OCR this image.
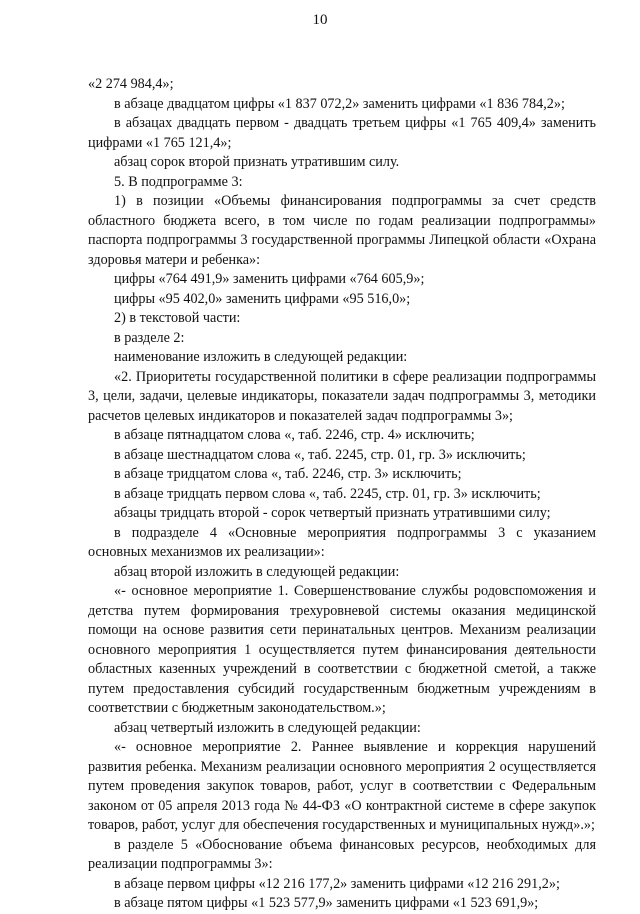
10

«2 274 984,4»;

в абзаце двадцатом цифры «1 837 072,2» заменить цифрами «1 836 784,2»;

в абзацах двадцать первом - двадцать третьем цифры «1 765 409,4» заменить цифрами «1 765 121,4»;

абзац сорок второй признать утратившим силу.

5. В подпрограмме 3:

1) в позиции «Объемы финансирования подпрограммы за счет средств областного бюджета всего, в том числе по годам реализации подпрограммы» паспорта подпрограммы 3 государственной программы Липецкой области «Охрана здоровья матери и ребенка»:

цифры «764 491,9» заменить цифрами «764 605,9»;

цифры «95 402,0» заменить цифрами «95 516,0»;

2) в текстовой части:

в разделе 2:

наименование изложить в следующей редакции:

«2. Приоритеты государственной политики в сфере реализации подпрограммы 3, цели, задачи, целевые индикаторы, показатели задач подпрограммы 3, методики расчетов целевых индикаторов и показателей задач подпрограммы 3»;

в абзаце пятнадцатом слова «, таб. 2246, стр. 4» исключить;

в абзаце шестнадцатом слова «, таб. 2245, стр. 01, гр. 3» исключить;

в абзаце тридцатом слова «, таб. 2246, стр. 3» исключить;

в абзаце тридцать первом слова «, таб. 2245, стр. 01, гр. 3» исключить;

абзацы тридцать второй - сорок четвертый признать утратившими силу;

в подразделе 4 «Основные мероприятия подпрограммы 3 с указанием основных механизмов их реализации»:

абзац второй изложить в следующей редакции:

«- основное мероприятие 1. Совершенствование службы родовспоможения и детства путем формирования трехуровневой системы оказания медицинской помощи на основе развития сети перинатальных центров. Механизм реализации основного мероприятия 1 осуществляется путем финансирования деятельности областных казенных учреждений в соответствии с бюджетной сметой, а также путем предоставления субсидий государственным бюджетным учреждениям в соответствии с бюджетным законодательством.»;

абзац четвертый изложить в следующей редакции:

«- основное мероприятие 2. Раннее выявление и коррекция нарушений развития ребенка. Механизм реализации основного мероприятия 2 осуществляется путем проведения закупок товаров, работ, услуг в соответствии с Федеральным законом от 05 апреля 2013 года № 44-ФЗ «О контрактной системе в сфере закупок товаров, работ, услуг для обеспечения государственных и муниципальных нужд».»;

в разделе 5 «Обоснование объема финансовых ресурсов, необходимых для реализации подпрограммы 3»:

в абзаце первом цифры «12 216 177,2» заменить цифрами «12 216 291,2»;

в абзаце пятом цифры «1 523 577,9» заменить цифрами «1 523 691,9»;
